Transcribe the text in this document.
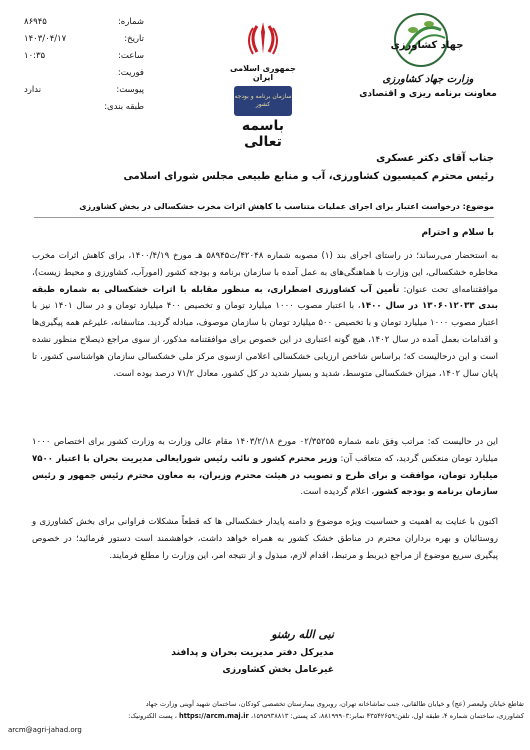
جهاد کشاورزی
وزارت جهاد کشاورزی
معاونت برنامه ریزی و اقتصادی
جمهوری اسلامی ایران
سازمان برنامه و بودجه کشور
باسمه تعالی
شماره:
۸۶۹۴۵
تاریخ:
۱۴۰۳/۰۴/۱۷
ساعت:
۱۰:۳۵
فوریت:
پیوست:
ندارد
طبقه بندی:
جناب آقای دکتر عسکری
رئیس محترم کمیسیون کشاورزی، آب و منابع طبیعی مجلس شورای اسلامی
موضوع: درخواست اعتبار برای اجرای عملیات متناسب با کاهش اثرات مخرب خشکسالی در بخش کشاورزی
با سلام و احترام
به استحضار می‌رساند؛ در راستای اجرای بند (۱) مصوبه شماره ۴۲۰۴۸/ت۵۸۹۴۵ هـ مورخ ۱۴۰۰/۴/۱۹، برای کاهش اثرات مخرب مخاطره خشکسالی، این وزارت با هماهنگی‌های به عمل آمده با سازمان برنامه و بودجه کشور (امورآب، کشاورزی و محیط زیست)، موافقتنامه‌ای تحت عنوان: تأمین آب کشاورزی اضطراری، به منظور مقابله با اثرات خشکسالی به شماره طبقه بندی ۱۳۰۶۰۱۲۰۳۳ در سال ۱۴۰۰، با اعتبار مصوب ۱۰۰۰ میلیارد تومان و تخصیص ۴۰۰ میلیارد تومان و در سال ۱۴۰۱ نیز با اعتبار مصوب ۱۰۰۰ میلیارد تومان و با تخصیص ۵۰۰ میلیارد تومان با سازمان موصوف، مبادله گردید. متاسفانه، علیرغم همه پیگیری‌ها و اقدامات بعمل آمده در سال ۱۴۰۲، هیچ گونه اعتباری در این خصوص برای موافقتنامه مذکور، از سوی مراجع ذیصلاح منظور نشده است و این درحالیست که؛ براساس شاخص ارزیابی خشکسالی اعلامی ازسوی مرکز ملی خشکسالی سازمان هواشناسی کشور، تا پایان سال ۱۴۰۲، میزان خشکسالی متوسط، شدید و بسیار شدید در کل کشور، معادل ۷۱/۲ درصد بوده است.
این در حالیست که: مراتب وفق نامه شماره ۰۲/۳۵۲۵۵ مورخ ۱۴۰۳/۲/۱۸ مقام عالی وزارت به وزارت کشور برای اختصاص ۱۰۰۰ میلیارد تومان منعکس گردید، که متعاقب آن: وزیر محترم کشور و نائب رئیس شورایعالی مدیریت بحران با اعتبار ۷۵۰۰ میلیارد تومان، موافقت و برای طرح و تصویب در هیئت محترم وزیران، به معاون محترم رئیس جمهور و رئیس سازمان برنامه و بودجه کشور، اعلام گردیده است.
اکنون با عنایت به اهمیت و حساسیت ویژه موضوع و دامنه پایدار خشکسالی ها که قطعاً مشکلات فراوانی برای بخش کشاورزی و روستائیان و بهره برداران محترم در مناطق خشک کشور به همراه خواهد داشت، خواهشمند است دستور فرمائید؛ در خصوص پیگیری سریع موضوع از مراجع ذیربط و مرتبط، اقدام لازم، مبذول و از نتیجه امر، این وزارت را مطلع فرمایند.
نبی الله رشنو
مدیرکل دفتر مدیریت بحران و پدافند
غیرعامل بخش کشاورزی
تقاطع خیابان ولیعصر (عج) و خیابان طالقانی، جنب تماشاخانه تهران، روبروی بیمارستان تخصصی کودکان، ساختمان شهید آوینی وزارت جهاد
کشاورزی، ساختمان شماره ۴، طبقه اول، تلفن:۴۳۵۴۲۶۵۹ نمابر:۸۸۱۹۹۹۰۳، کد پستی: ۱۵۹۵۹۳۸۸۱۳، https://arcm.maj.ir ، پست الکترونیک:
arcm@agri-jahad.org
